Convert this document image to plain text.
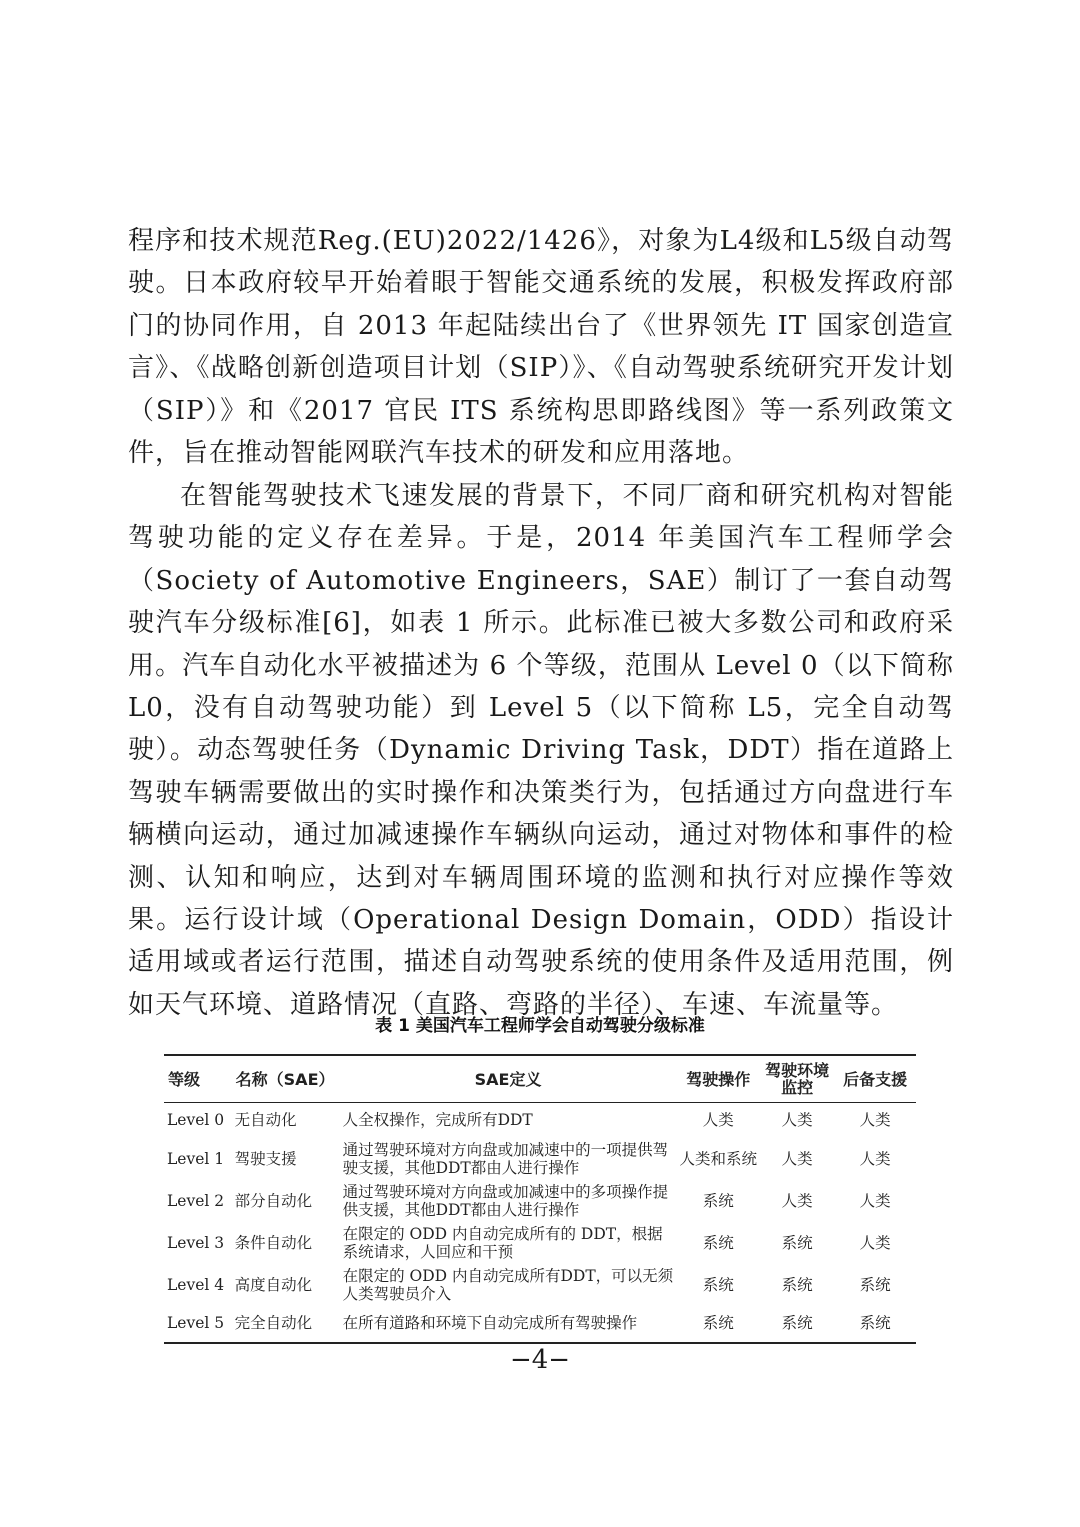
程序和技术规范Reg.(EU)2022/1426》，对象为L4级和L5级自动驾驶。日本政府较早开始着眼于智能交通系统的发展，积极发挥政府部门的协同作用，自 2013 年起陆续出台了《世界领先 IT 国家创造宣言》、《战略创新创造项目计划（SIP）》、《自动驾驶系统研究开发计划（SIP）》和《2017 官民 ITS 系统构思即路线图》等一系列政策文件，旨在推动智能网联汽车技术的研发和应用落地。

在智能驾驶技术飞速发展的背景下，不同厂商和研究机构对智能驾驶功能的定义存在差异。于是，2014 年美国汽车工程师学会（Society of Automotive Engineers，SAE）制订了一套自动驾驶汽车分级标准[6]，如表 1 所示。此标准已被大多数公司和政府采用。汽车自动化水平被描述为 6 个等级，范围从 Level 0（以下简称 L0，没有自动驾驶功能）到 Level 5（以下简称 L5，完全自动驾驶）。动态驾驶任务（Dynamic Driving Task，DDT）指在道路上驾驶车辆需要做出的实时操作和决策类行为，包括通过方向盘进行车辆横向运动，通过加减速操作车辆纵向运动，通过对物体和事件的检测、认知和响应，达到对车辆周围环境的监测和执行对应操作等效果。运行设计域（Operational Design Domain，ODD）指设计适用域或者运行范围，描述自动驾驶系统的使用条件及适用范围，例如天气环境、道路情况（直路、弯路的半径）、车速、车流量等。

表 1 美国汽车工程师学会自动驾驶分级标准
等级	名称（SAE）	SAE定义	驾驶操作	驾驶环境监控	后备支援
Level 0	无自动化	人全权操作，完成所有DDT	人类	人类	人类
Level 1	驾驶支援	通过驾驶环境对方向盘或加减速中的一项提供驾驶支援，其他DDT都由人进行操作	人类和系统	人类	人类
Level 2	部分自动化	通过驾驶环境对方向盘或加减速中的多项操作提供支援，其他DDT都由人进行操作	系统	人类	人类
Level 3	条件自动化	在限定的 ODD 内自动完成所有的 DDT，根据系统请求，人回应和干预	系统	系统	人类
Level 4	高度自动化	在限定的 ODD 内自动完成所有DDT，可以无须人类驾驶员介入	系统	系统	系统
Level 5	完全自动化	在所有道路和环境下自动完成所有驾驶操作	系统	系统	系统
−4−
